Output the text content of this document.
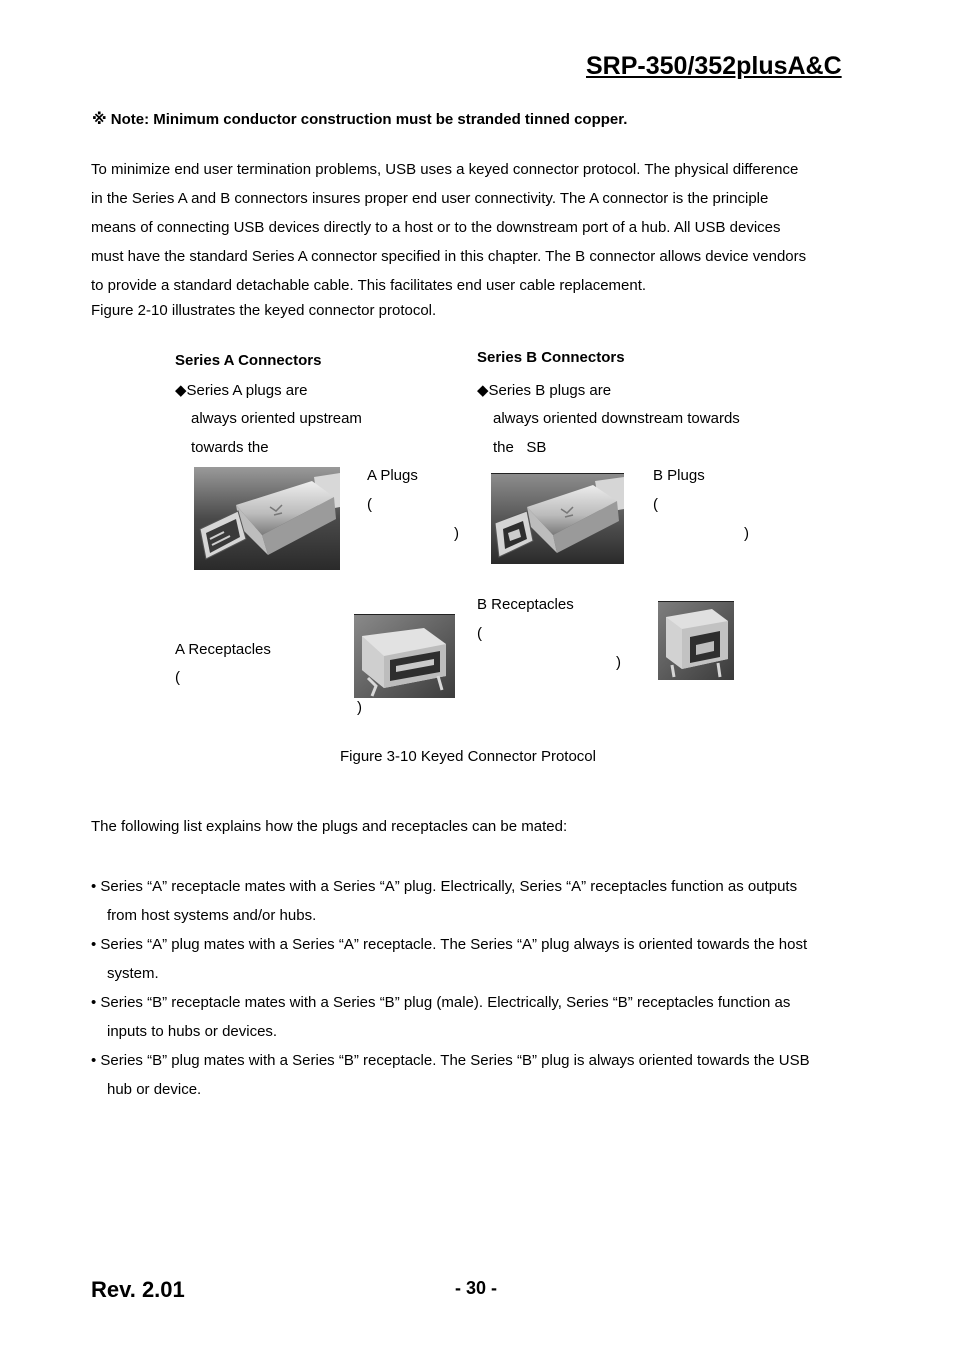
SRP-350/352plusA&C
※ Note: Minimum conductor construction must be stranded tinned copper.
To minimize end user termination problems, USB uses a keyed connector protocol. The physical difference
in the Series A and B connectors insures proper end user connectivity. The A connector is the principle
means of connecting USB devices directly to a host or to the downstream port of a hub. All USB devices
must have the standard Series A connector specified in this chapter. The B connector allows device vendors
to provide a standard detachable cable. This facilitates end user cable replacement.
Figure 2-10 illustrates the keyed connector protocol.
Series A Connectors
◆Series A plugs are
always oriented upstream
towards the
A Plugs
(
)
A Receptacles
(
)
Series B Connectors
◆Series B plugs are
always oriented downstream towards
the   SB
B Plugs
(
)
B Receptacles
(
)
Figure 3-10 Keyed Connector Protocol
The following list explains how the plugs and receptacles can be mated:
• Series “A” receptacle mates with a Series “A” plug. Electrically, Series “A” receptacles function as outputs
from host systems and/or hubs.
• Series “A” plug mates with a Series “A” receptacle. The Series “A” plug always is oriented towards the host
system.
• Series “B” receptacle mates with a Series “B” plug (male). Electrically, Series “B” receptacles function as
inputs to hubs or devices.
• Series “B” plug mates with a Series “B” receptacle. The Series “B” plug is always oriented towards the USB
hub or device.
Rev. 2.01	- 30 -
